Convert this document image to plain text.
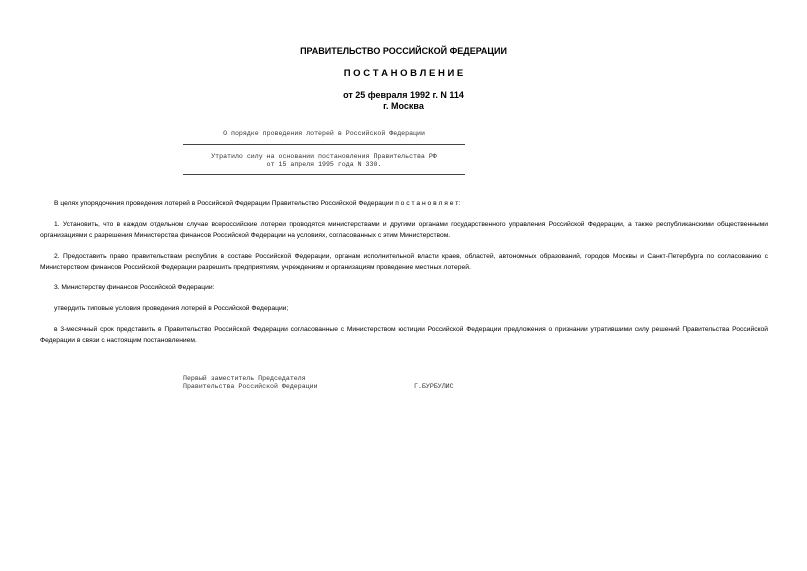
ПРАВИТЕЛЬСТВО РОССИЙСКОЙ ФЕДЕРАЦИИ
П О С Т А Н О В Л Е Н И Е
от 25 февраля 1992 г. N 114
г. Москва
О порядке проведения лотерей в Российской Федерации
Утратило силу на основании постановления Правительства РФ
от 15 апреля 1995 года N 330.
В целях упорядочения проведения лотерей в Российской Федерации Правительство Российской Федерации п о с т а н о в л я е т:
1. Установить, что в каждом отдельном случае всероссийские лотереи проводятся министерствами и другими органами государственного управления Российской Федерации, а также республиканскими общественными организациями с разрешения Министерства финансов Российской Федерации на условиях, согласованных с этим Министерством.
2. Предоставить право правительствам республик в составе Российской Федерации, органам исполнительной власти краев, областей, автономных образований, городов Москвы и Санкт-Петербурга по согласованию с Министерством финансов Российской Федерации разрешить предприятиям, учреждениям и организациям проведение местных лотерей.
3. Министерству финансов Российской Федерации:
утвердить типовые условия проведения лотерей в Российской Федерации;
в 3-месячный срок представить в Правительство Российской Федерации согласованные с Министерством юстиции Российской Федерации предложения о признании утратившими силу решений Правительства Российской Федерации в связи с настоящим постановлением.
Первый заместитель Председателя
Правительства Российской Федерации	Г.БУРБУЛИС
